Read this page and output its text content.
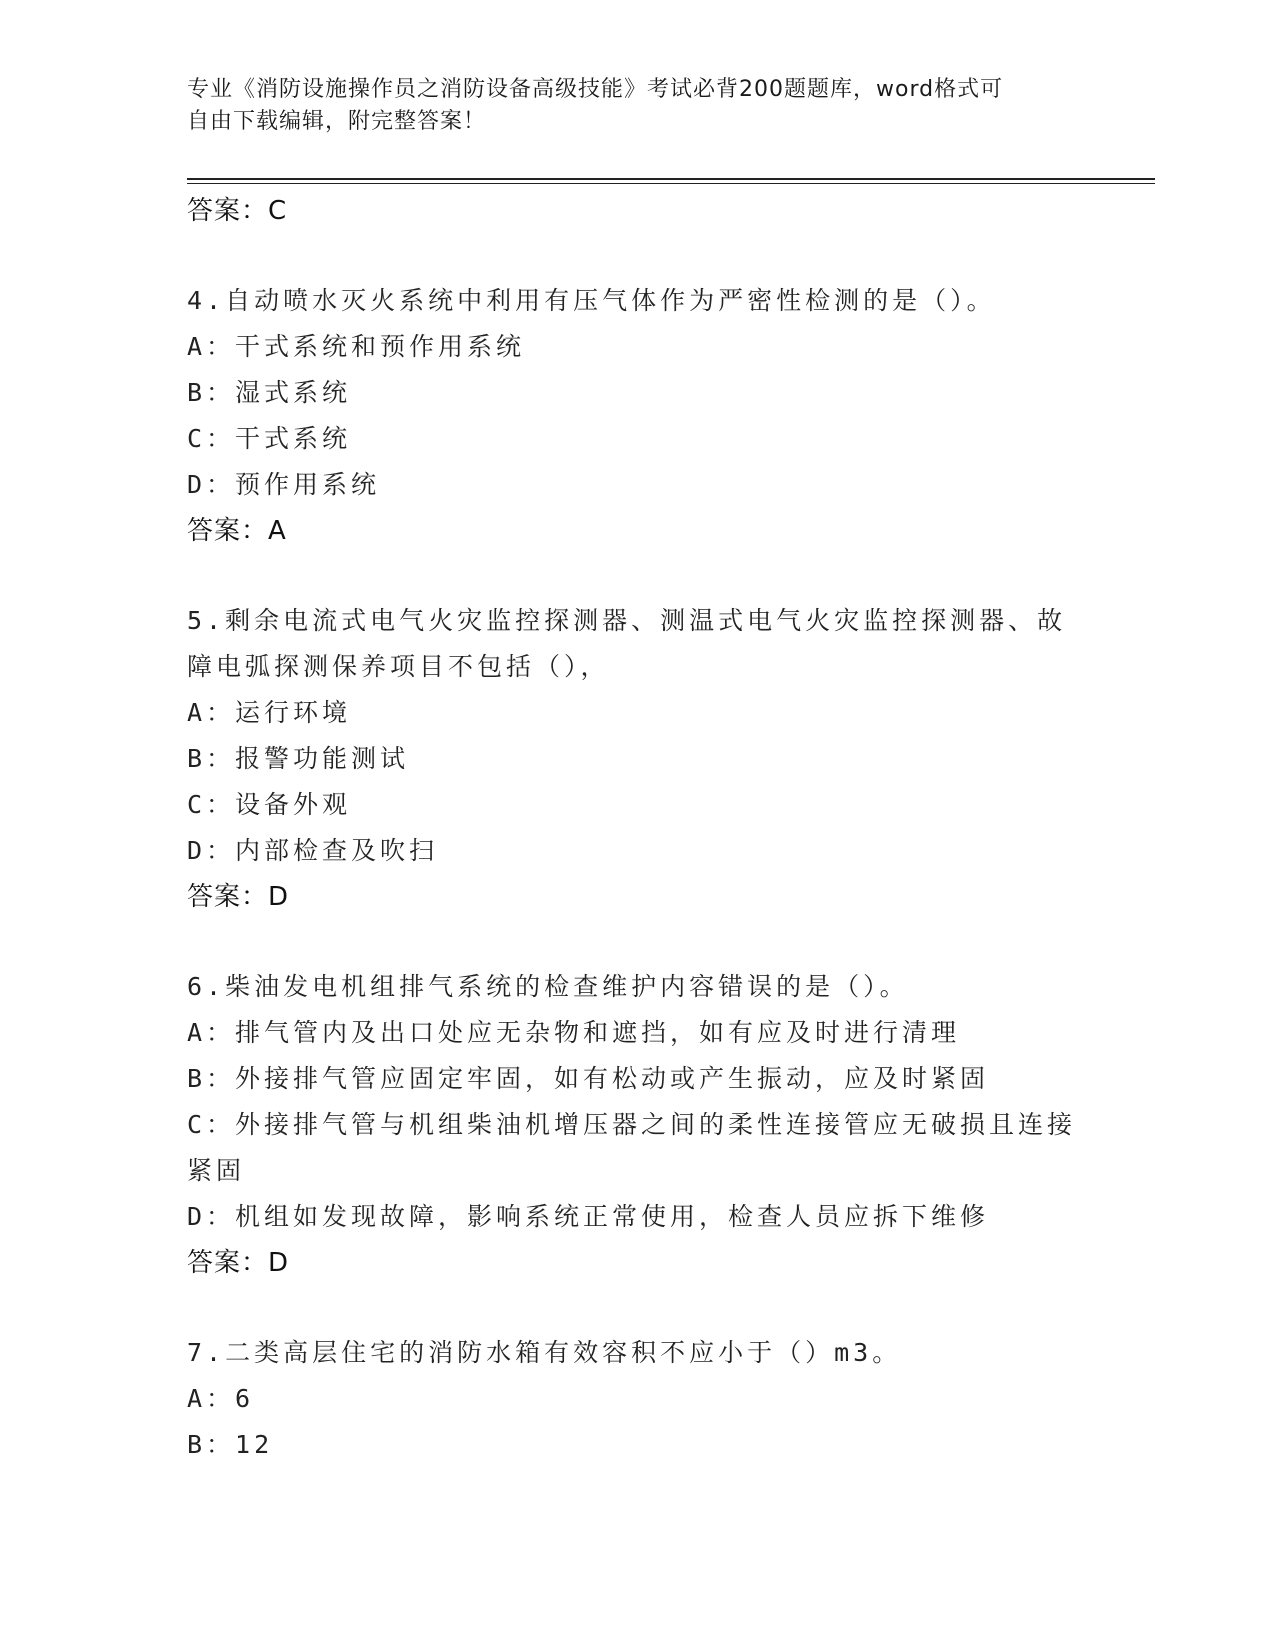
专业《消防设施操作员之消防设备高级技能》考试必背200题题库，word格式可
自由下载编辑，附完整答案！
答案：C
4.自动喷水灭火系统中利用有压气体作为严密性检测的是（）。
A：干式系统和预作用系统
B：湿式系统
C：干式系统
D：预作用系统
答案：A
5.剩余电流式电气火灾监控探测器、测温式电气火灾监控探测器、故
障电弧探测保养项目不包括（），
A：运行环境
B：报警功能测试
C：设备外观
D：内部检查及吹扫
答案：D
6.柴油发电机组排气系统的检查维护内容错误的是（）。
A：排气管内及出口处应无杂物和遮挡，如有应及时进行清理
B：外接排气管应固定牢固，如有松动或产生振动，应及时紧固
C：外接排气管与机组柴油机增压器之间的柔性连接管应无破损且连接
紧固
D：机组如发现故障，影响系统正常使用，检查人员应拆下维修
答案：D
7.二类高层住宅的消防水箱有效容积不应小于（）m3。
A：6
B：12
